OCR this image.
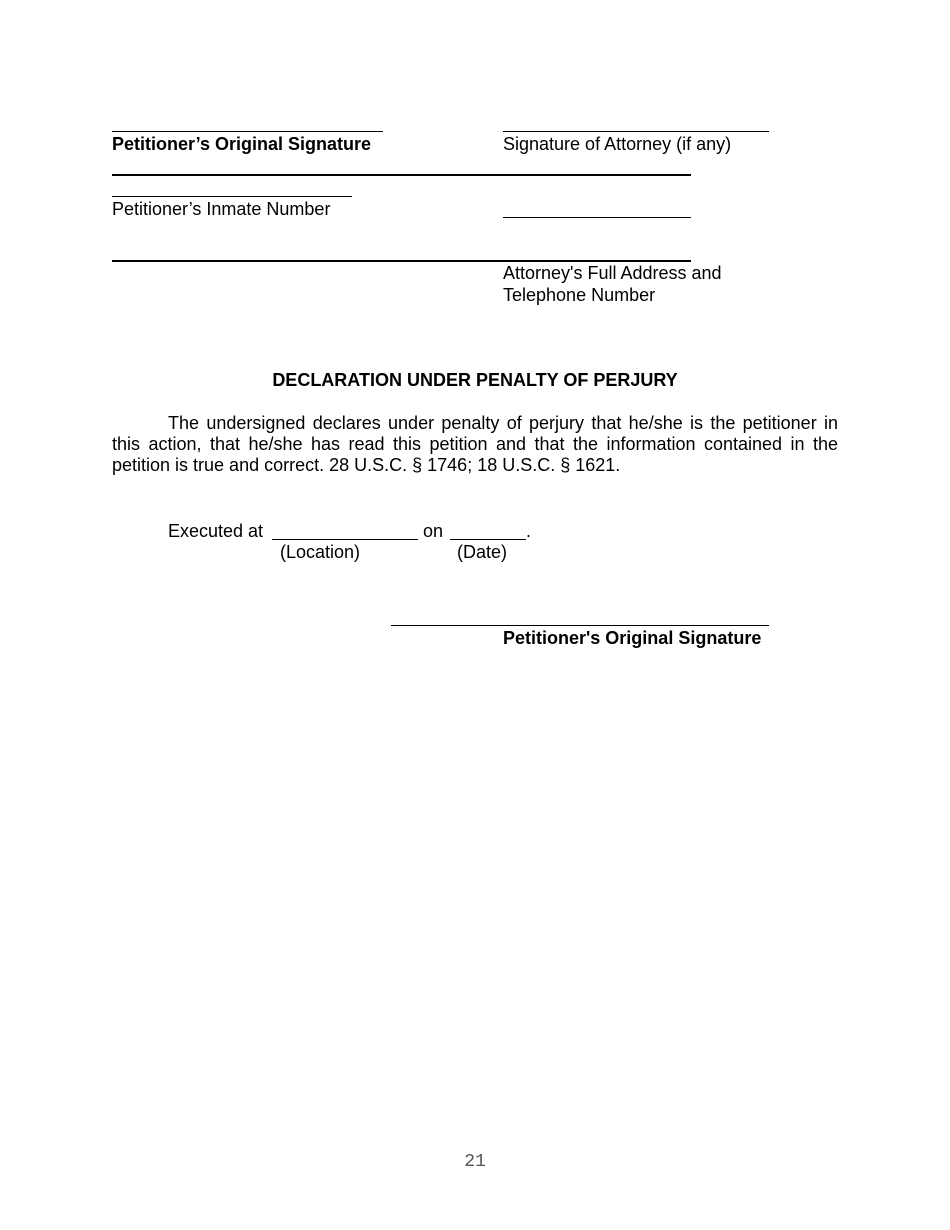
Petitioner’s Original Signature	Signature of Attorney (if any)
Petitioner’s Inmate Number
Attorney's Full Address and
Telephone Number
DECLARATION UNDER PENALTY OF PERJURY
The undersigned declares under penalty of perjury that he/she is the petitioner in this action, that he/she has read this petition and that the information contained in the petition is true and correct. 28 U.S.C. § 1746; 18 U.S.C. § 1621.
Executed at	on	.
(Location)	(Date)
Petitioner's Original Signature
21
